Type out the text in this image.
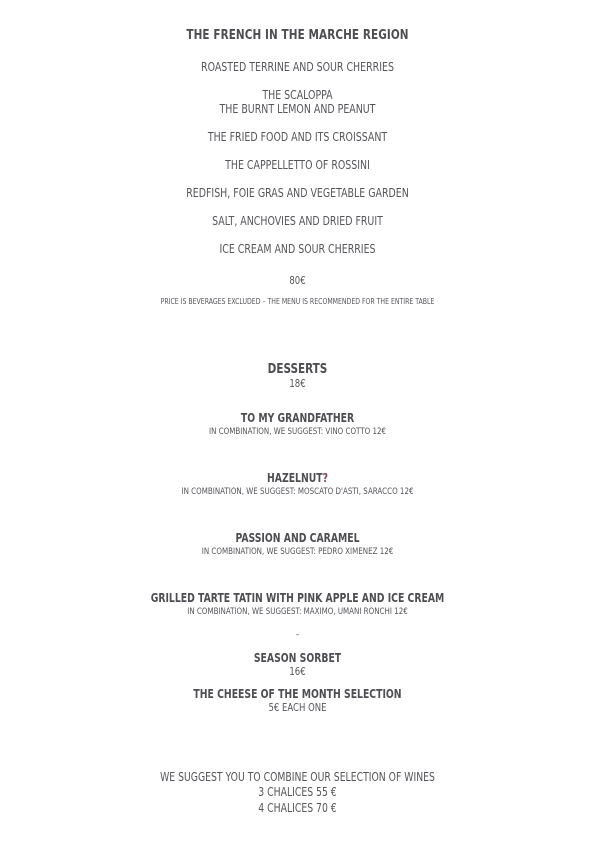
THE FRENCH IN THE MARCHE REGION
ROASTED TERRINE AND SOUR CHERRIES
THE SCALOPPA
THE BURNT LEMON AND PEANUT
THE FRIED FOOD AND ITS CROISSANT
THE CAPPELLETTO OF ROSSINI
REDFISH, FOIE GRAS AND VEGETABLE GARDEN
SALT, ANCHOVIES AND DRIED FRUIT
ICE CREAM AND SOUR CHERRIES
80€
PRICE IS BEVERAGES EXCLUDED – THE MENU IS RECOMMENDED FOR THE ENTIRE TABLE
DESSERTS
18€
TO MY GRANDFATHER
IN COMBINATION, WE SUGGEST: VINO COTTO 12€
HAZELNUT?
IN COMBINATION, WE SUGGEST: MOSCATO D'ASTI, SARACCO 12€
PASSION AND CARAMEL
IN COMBINATION, WE SUGGEST: PEDRO XIMENEZ 12€
GRILLED TARTE TATIN WITH PINK APPLE AND ICE CREAM
IN COMBINATION, WE SUGGEST: MAXIMO, UMANI RONCHI 12€
–
SEASON SORBET
16€
THE CHEESE OF THE MONTH SELECTION
5€ EACH ONE
WE SUGGEST YOU TO COMBINE OUR SELECTION OF WINES
3 CHALICES 55 €
4 CHALICES 70 €
